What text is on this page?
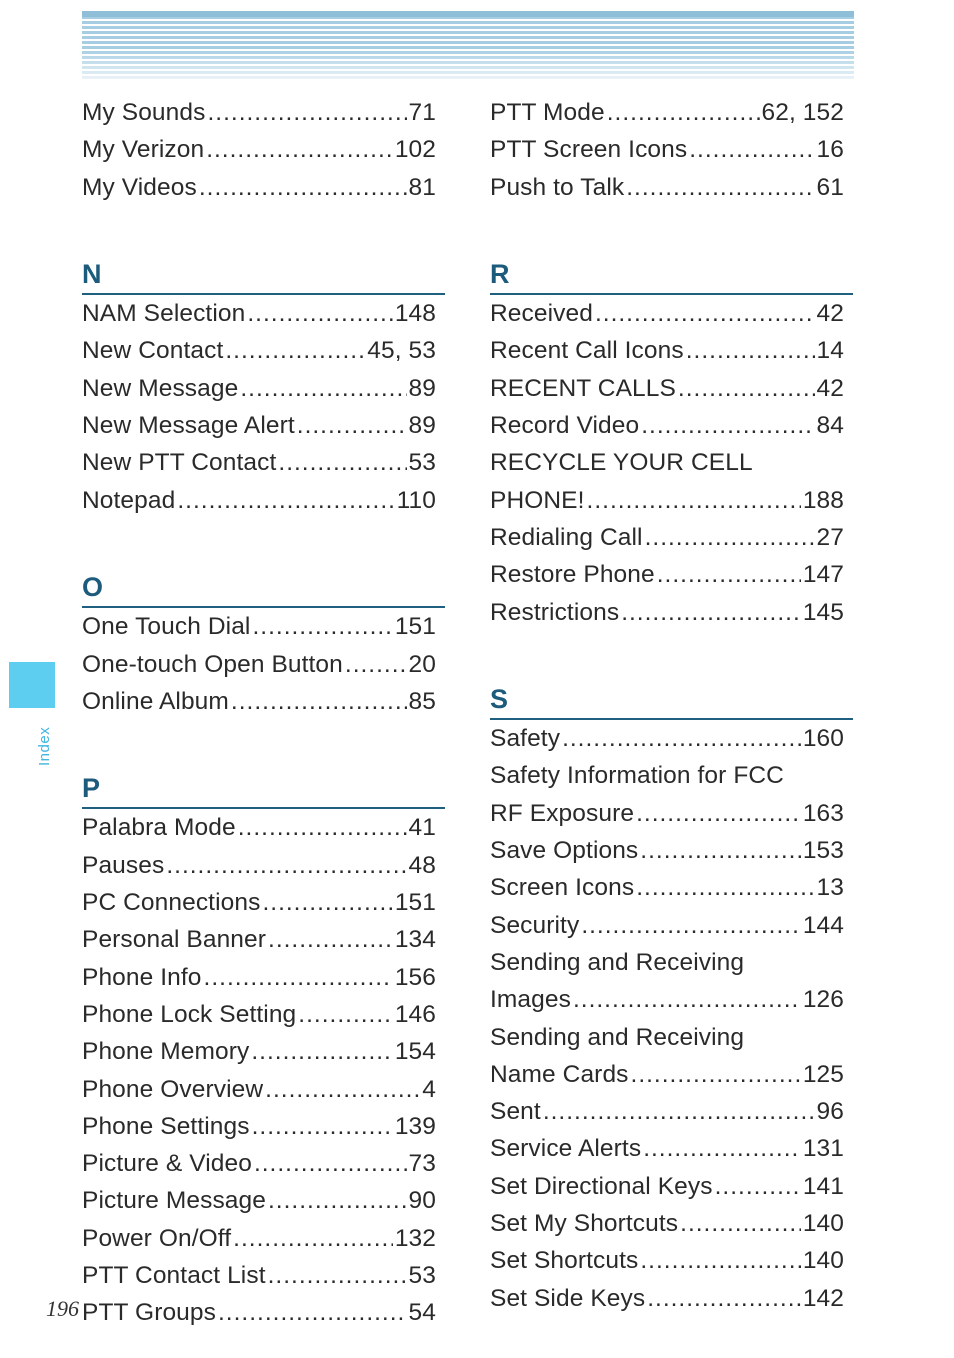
My Sounds .....	71
My Verizon .....	102
My Videos .....	81
N
NAM Selection .....	148
New Contact .....	45, 53
New Message .....	89
New Message Alert .....	89
New PTT Contact .....	53
Notepad .....	110
O
One Touch Dial .....	151
One-touch Open Button .....	20
Online Album .....	85
P
Palabra Mode .....	41
Pauses .....	48
PC Connections .....	151
Personal Banner .....	134
Phone Info .....	156
Phone Lock Setting .....	146
Phone Memory .....	154
Phone Overview .....	4
Phone Settings .....	139
Picture & Video .....	73
Picture Message .....	90
Power On/Off .....	132
PTT Contact List .....	53
PTT Groups .....	54
PTT Mode .....	62, 152
PTT Screen Icons .....	16
Push to Talk .....	61
R
Received .....	42
Recent Call Icons .....	14
RECENT CALLS .....	42
Record Video .....	84
RECYCLE YOUR CELL
PHONE! .....	188
Redialing Call .....	27
Restore Phone .....	147
Restrictions .....	145
S
Safety .....	160
Safety Information for FCC
RF Exposure .....	163
Save Options .....	153
Screen Icons .....	13
Security .....	144
Sending and Receiving
Images .....	126
Sending and Receiving
Name Cards .....	125
Sent .....	96
Service Alerts .....	131
Set Directional Keys .....	141
Set My Shortcuts .....	140
Set Shortcuts .....	140
Set Side Keys .....	142
Index
196
